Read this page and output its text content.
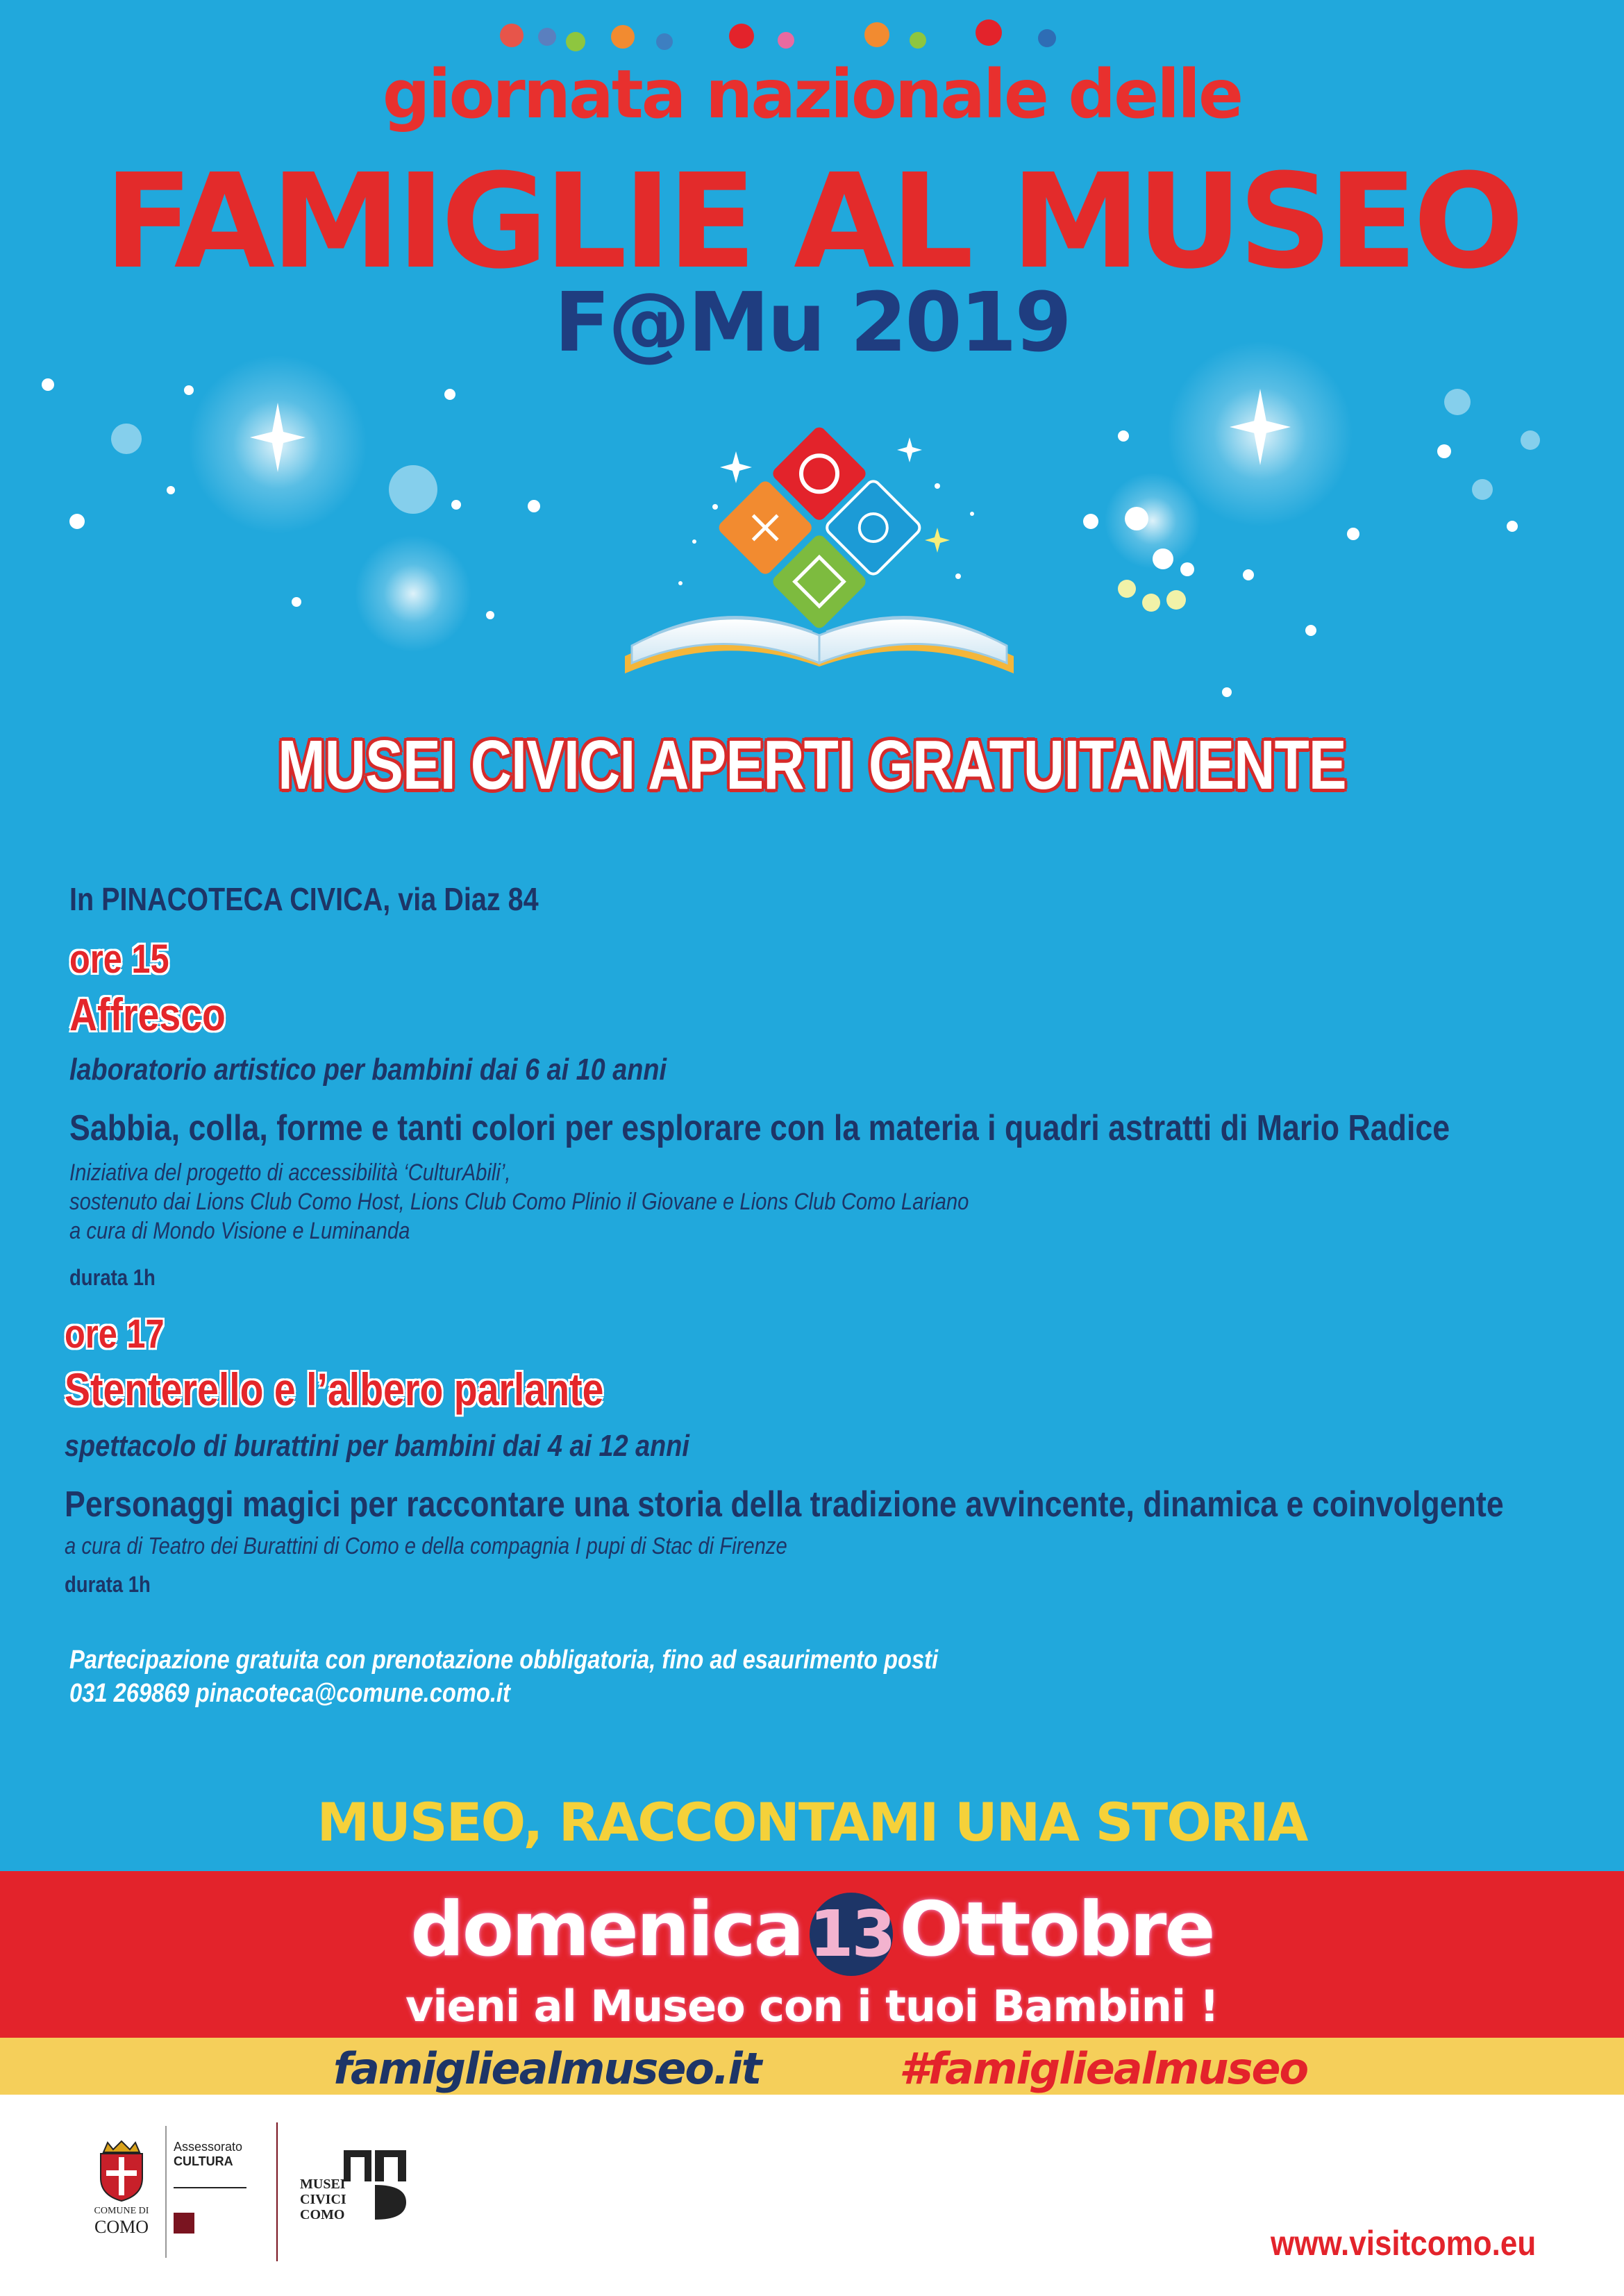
giornata nazionale delle
FAMIGLIE AL MUSEO
F@Mu 2019
MUSEI CIVICI APERTI GRATUITAMENTE
In PINACOTECA CIVICA, via Diaz 84
ore 15
Affresco
laboratorio artistico per bambini dai 6 ai 10 anni
Sabbia, colla, forme e tanti colori per esplorare con la materia i quadri astratti di Mario Radice
Iniziativa del progetto di accessibilità ‘CulturAbili’,
sostenuto dai Lions Club Como Host, Lions Club Como Plinio il Giovane e Lions Club Como Lariano
a cura di Mondo Visione e Luminanda
durata 1h
ore 17
Stenterello e l’albero parlante
spettacolo di burattini per bambini dai 4 ai 12 anni
Personaggi magici per raccontare una storia della tradizione avvincente, dinamica e coinvolgente
a cura di Teatro dei Burattini di Como e della compagnia I pupi di Stac di Firenze
durata 1h
Partecipazione gratuita con prenotazione obbligatoria, fino ad esaurimento posti
031 269869 pinacoteca@comune.como.it
MUSEO, RACCONTAMI UNA STORIA
domenica 13Ottobre
vieni al Museo con i tuoi Bambini !
famigliealmuseo.it	#famigliealmuseo
COMUNE DI
COMO
Assessorato
CULTURA
MUSEI
CIVICI
COMO
www.visitcomo.eu
